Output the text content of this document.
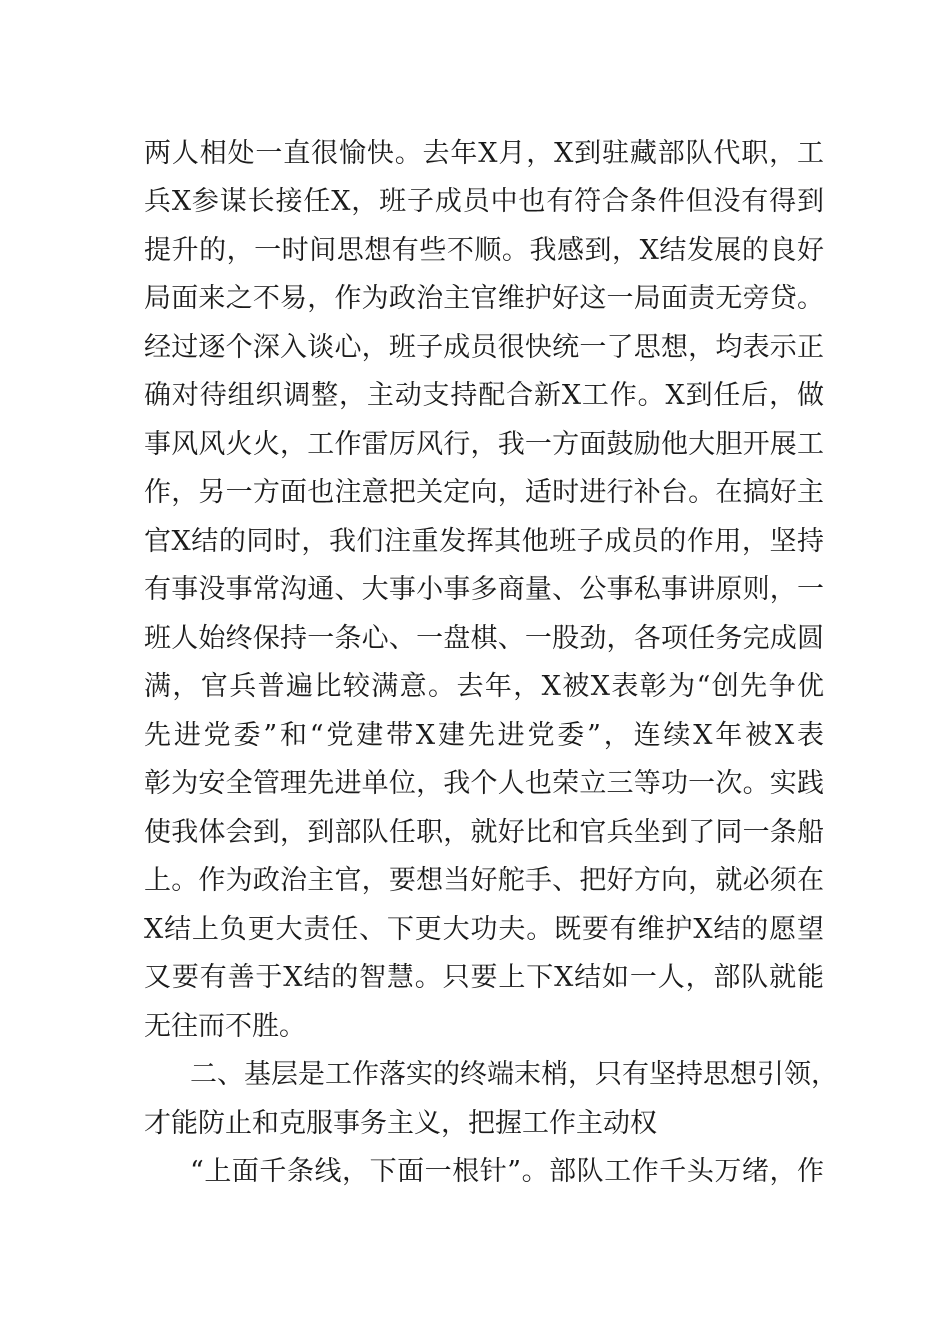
两人相处一直很愉快。去年X月，X到驻藏部队代职，工
兵X参谋长接任X，班子成员中也有符合条件但没有得到
提升的，一时间思想有些不顺。我感到，X结发展的良好
局面来之不易，作为政治主官维护好这一局面责无旁贷。
经过逐个深入谈心，班子成员很快统一了思想，均表示正
确对待组织调整，主动支持配合新X工作。X到任后，做
事风风火火，工作雷厉风行，我一方面鼓励他大胆开展工
作，另一方面也注意把关定向，适时进行补台。在搞好主
官X结的同时，我们注重发挥其他班子成员的作用，坚持
有事没事常沟通、大事小事多商量、公事私事讲原则，一
班人始终保持一条心、一盘棋、一股劲，各项任务完成圆
满，官兵普遍比较满意。去年，X被X表彰为“创先争优
先进党委”和“党建带X建先进党委”，连续X年被X表
彰为安全管理先进单位，我个人也荣立三等功一次。实践
使我体会到，到部队任职，就好比和官兵坐到了同一条船
上。作为政治主官，要想当好舵手、把好方向，就必须在
X结上负更大责任、下更大功夫。既要有维护X结的愿望
又要有善于X结的智慧。只要上下X结如一人，部队就能
无往而不胜。
二、基层是工作落实的终端末梢，只有坚持思想引领，
才能防止和克服事务主义，把握工作主动权
“上面千条线，下面一根针”。部队工作千头万绪，作
